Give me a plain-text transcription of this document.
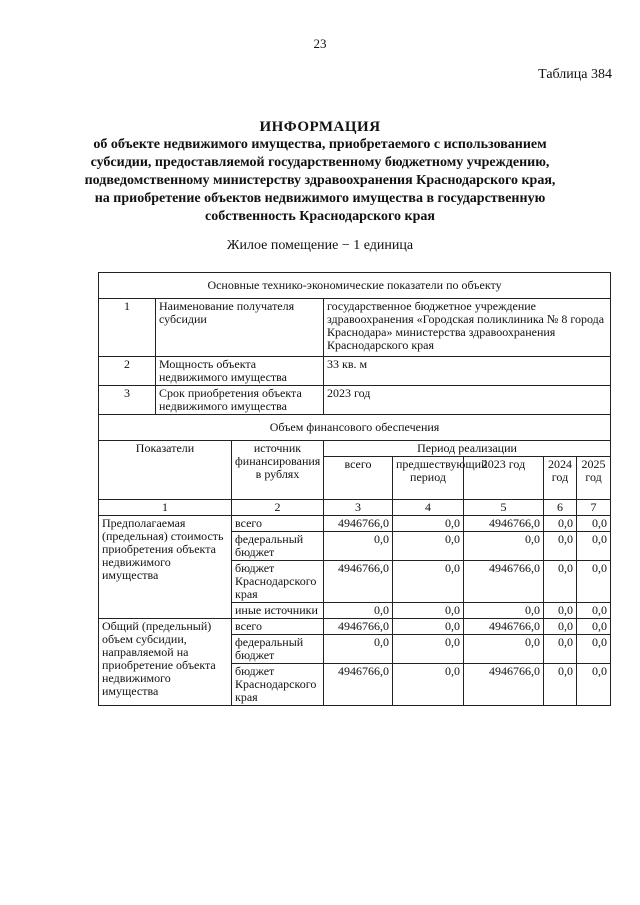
23
Таблица 384
ИНФОРМАЦИЯ
об объекте недвижимого имущества, приобретаемого с использованием
субсидии, предоставляемой государственному бюджетному учреждению,
подведомственному министерству здравоохранения Краснодарского края,
на приобретение объектов недвижимого имущества в государственную
собственность Краснодарского края
Жилое помещение − 1 единица
Основные технико-экономические показатели по объекту							
1	Наименование получателя субсидии		государственное бюджетное учреждение здравоохранения «Городская поликлиника № 8 города Краснодара» министерства здравоохранения Краснодарского края				
2	Мощность объекта недвижимого имущества		33 кв. м				
3	Срок приобретения объекта недвижимого имущества		2023 год				
Объем финансового обеспечения							
Показатели		источник финансирования в рублях	Период реализации				
			всего	предшествующий период	2023 год	2024 год	2025 год
1		2	3	4	5	6	7
Предполагаемая (предельная) стоимость приобретения объекта недвижимого имущества		всего	4946766,0	0,0	4946766,0	0,0	0,0
		федеральный бюджет	0,0	0,0	0,0	0,0	0,0
		бюджет Краснодарского края	4946766,0	0,0	4946766,0	0,0	0,0
		иные источники	0,0	0,0	0,0	0,0	0,0
Общий (предельный) объем субсидии, направляемой на приобретение объекта недвижимого имущества		всего	4946766,0	0,0	4946766,0	0,0	0,0
		федеральный бюджет	0,0	0,0	0,0	0,0	0,0
		бюджет Краснодарского края	4946766,0	0,0	4946766,0	0,0	0,0
